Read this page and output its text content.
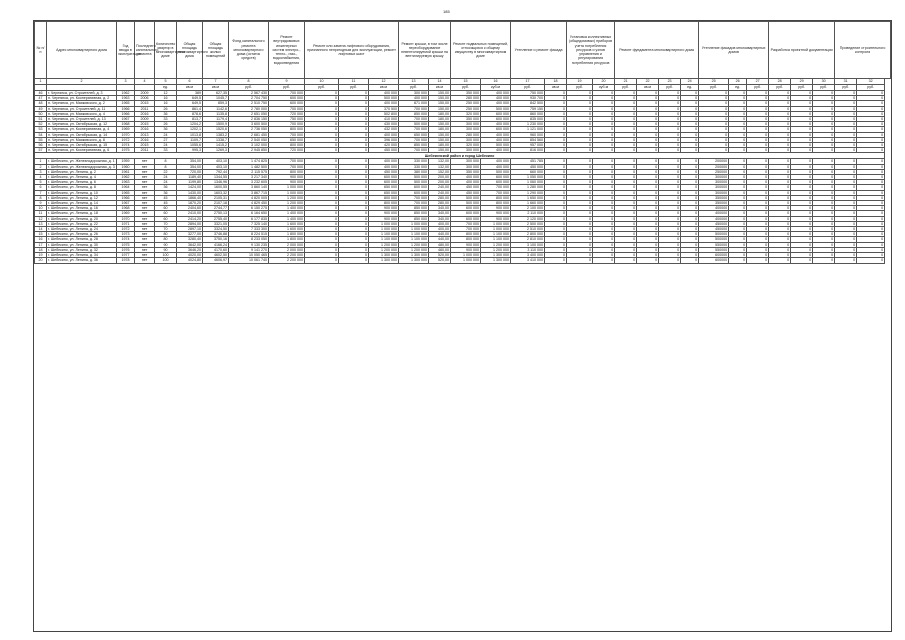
185
№ п/п	Адрес многоквартирного дома	Год ввода в эксплуатацию	Последнего капитального ремонта	Количество квартир в многоквартирном доме	Общая площадь многоквартирного дома	Общая площадь жилых помещений	Фонд капитального ремонта многоквартирного дома (остаток средств)	Ремонт внутридомовых инженерных систем электро-, тепло-, газо-, водоснабжения, водоотведения	Ремонт или замена лифтового оборудования, признанного непригодным для эксплуатации, ремонт лифтовых шахт			Ремонт крыши, в том числе переоборудование невентилируемой крыши на вентилируемую крышу		Ремонт подвальных помещений, относящихся к общему имуществу в многоквартирном доме		Утепление и ремонт фасада		Установка коллективных (общедомовых) приборов учета потребления ресурсов и узлов управления и регулирования потребления ресурсов		Ремонт фундамента многоквартирного дома				Утепление фасадов многоквартирных домов			Разработка проектной документации			Проведение строительного контроля	
1	2	3	4	5	6	7	8	9	10	11	12	13	14	15	16	17	18	19	20	21	22	23	24	25	26	27	28	29	30	31	32
				ед.	кв.м	кв.м	руб.	руб.	руб.	руб.	кв.м	руб.	кв.м	руб.	куб.м	руб.	кв.м	руб.	куб.м	руб.	кв.м	руб.	ед.	руб.	ед.	руб.	руб.	руб.	руб.	руб.	руб.
46	г. Чернянка, ул. Строителей, д. 3	1962	2009	12	389	627,35	2 567 430	700 000	0	0	400 000	300 000	150,00	350 000	400 000	750 000	0	0	0	0	0	0	0	0	0	0	0	0	0	0	0
47	п. Чернянка, ул. Кооперативная, д. 2	1963	2006	16	649,5	1045,7	2 704 750	600 000	0	0	500 000	400 000	150,00	280 000	400 000	930 700	0	0	0	0	0	0	0	0	0	0	0	0	0	0	0
48	п. Чернянка, ул. Маяковского, д. 2	1965	2015	16	649,5	859,3	2 510 750	600 000	0	0	400 000	871 000	150,00	250 000	400 000	842 500	0	0	0	0	0	0	0	0	0	0	0	0	0	0	0
49	п. Чернянка, ул. Строителей, д. 11	1966	2011	26	861,4	1142,6	2 780 000	700 000	0	0	370 500	700 000	150,00	250 000	500 000	759 150	0	0	0	0	0	0	0	0	0	0	0	0	0	0	0
50	п. Чернянка, ул. Маяковского, д. 4	1966	2016	36	878,6	1135,8	2 651 050	720 000	0	0	502 800	850 000	180,00	320 000	600 000	860 000	0	0	0	0	0	0	0	0	0	0	0	0	0	0	0
51	п. Чернянка, ул. Строителей, д. 13	1967	2009	33	813,7	1179,4	2 836 150	750 000	0	0	410 000	700 000	180,00	350 000	600 000	835 000	0	0	0	0	0	0	0	0	0	0	0	0	0	0	0
52	п. Чернянка, ул. Октябрьская, д. 12	1968	2015	26	1204,2	1500,9	3 600 500	700 000	0	0	430 000	500 000	150,00	300 000	400 000	1 230 000	0	0	0	0	0	0	0	0	0	0	0	0	0	0	0
53	п. Чернянка, ул. Кооперативная, д. 4	1969	2016	36	1202,1	1520,6	2 736 050	800 000	0	0	432 000	700 000	180,00	300 000	600 000	1 121 000	0	0	0	0	0	0	0	0	0	0	0	0	0	0	0
54	п. Чернянка, ул. Октябрьская, д. 14	1970	2013	24	1013,8	1383,2	2 681 450	700 000	0	0	400 000	650 000	150,00	280 000	400 000	960 000	0	0	0	0	0	0	0	0	0	0	0	0	0	0	0
55	п. Чернянка, ул. Маяковского, д. 8	1972	2016	27	1109,7	1338,7	2 540 050	650 000	0	0	396 000	700 000	150,00	300 000	400 000	854 560	0	0	0	0	0	0	0	0	0	0	0	0	0	0	0
56	п. Чернянка, ул. Октябрьская, д. 15	1974	2015	24	1055,6	1415,2	3 102 000	800 000	0	0	420 000	850 000	180,00	320 000	500 000	957 000	0	0	0	0	0	0	0	0	0	0	0	0	0	0	0
57	п. Чернянка, ул. Кооперативная, д. 6	1975	2011	33	995,3	1269,3	2 945 850	720 000	0	0	450 000	700 000	150,00	300 000	400 000	816 000	0	0	0	0	0	0	0	0	0	0	0	0	0	0	0
Шебекинский район и город Шебекино																															
1	г. Шебекино, ул. Железнодорожная, д. 1	1959	нет	8	354,00	403,10	1 474 825	700 000	0	0	400 000	330 000	132,00	300 000	400 000	451 785	0	0	0	0	0	0	0	200000	0	0	0	0	0	0	0
2	г. Шебекино, ул. Железнодорожная, д. 3	1960	нет	8	354,00	403,10	1 482 500	700 000	0	0	400 000	330 000	132,00	300 000	400 000	450 000	0	0	0	0	0	0	0	200000	0	0	0	0	0	0	0
3	г. Шебекино, ул. Ленина, д. 2	1961	нет	22	720,00	792,44	2 115 575	800 000	0	0	450 000	380 000	152,00	350 000	500 000	660 000	0	0	0	0	0	0	0	250000	0	0	0	0	0	0	0
4	г. Шебекино, ул. Ленина, д. 4	1962	нет	24	1189,40	1344,55	3 217 340	900 000	0	0	600 000	500 000	200,00	400 000	600 000	1 050 000	0	0	0	0	0	0	0	300000	0	0	0	0	0	0	0
5	г. Шебекино, ул. Ленина, д. 6	1963	нет	24	1199,80	1346,96	3 232 605	900 000	0	0	600 000	500 000	200,00	400 000	600 000	1 060 000	0	0	0	0	0	0	0	300000	0	0	0	0	0	0	0
6	г. Шебекино, ул. Ленина, д. 8	1964	нет	36	1424,00	1600,55	3 860 140	1 000 000	0	0	650 000	600 000	240,00	450 000	700 000	1 280 000	0	0	0	0	0	0	0	300000	0	0	0	0	0	0	0
7	г. Шебекино, ул. Ленина, д. 10	1965	нет	36	1430,00	1603,32	3 867 715	1 000 000	0	0	650 000	600 000	240,00	450 000	700 000	1 290 000	0	0	0	0	0	0	0	300000	0	0	0	0	0	0	0
8	г. Шебекино, ул. Ленина, д. 12	1966	нет	45	1866,40	2105,31	4 820 005	1 200 000	0	0	800 000	700 000	280,00	500 000	800 000	1 650 000	0	0	0	0	0	0	0	350000	0	0	0	0	0	0	0
9	г. Шебекино, ул. Ленина, д. 14	1967	нет	45	1870,20	2107,18	4 829 450	1 200 000	0	0	800 000	700 000	280,00	500 000	800 000	1 660 000	0	0	0	0	0	0	0	350000	0	0	0	0	0	0	0
10	г. Шебекино, ул. Ленина, д. 16	1968	нет	60	2404,60	2744,77	6 150 275	1 400 000	0	0	900 000	850 000	340,00	600 000	900 000	2 100 000	0	0	0	0	0	0	0	400000	0	0	0	0	0	0	0
11	г. Шебекино, ул. Ленина, д. 18	1969	нет	60	2410,00	2750,13	6 164 650	1 400 000	0	0	900 000	850 000	340,00	600 000	900 000	2 110 000	0	0	0	0	0	0	0	400000	0	0	0	0	0	0	0
12	г. Шебекино, ул. Ленина, д. 20	1970	нет	60	2414,20	2755,40	6 177 835	1 400 000	0	0	900 000	850 000	340,00	600 000	900 000	2 120 000	0	0	0	0	0	0	0	400000	0	0	0	0	0	0	0
13	г. Шебекино, ул. Ленина, д. 22	1971	нет	70	2894,00	3321,05	7 325 140	1 600 000	0	0	1 000 000	1 000 000	400,00	700 000	1 000 000	2 500 000	0	0	0	0	0	0	0	450000	0	0	0	0	0	0	0
14	г. Шебекино, ул. Ленина, д. 24	1972	нет	70	2897,10	3324,50	7 333 300	1 600 000	0	0	1 000 000	1 000 000	400,00	700 000	1 000 000	2 510 000	0	0	0	0	0	0	0	450000	0	0	0	0	0	0	0
15	г. Шебекино, ул. Ленина, д. 26	1973	нет	80	3277,00	3746,88	8 224 515	1 800 000	0	0	1 100 000	1 100 000	440,00	800 000	1 100 000	2 800 000	0	0	0	0	0	0	0	500000	0	0	0	0	0	0	0
16	г. Шебекино, ул. Ленина, д. 28	1974	нет	80	3280,40	3750,16	8 233 050	1 800 000	0	0	1 100 000	1 100 000	440,00	800 000	1 100 000	2 810 000	0	0	0	0	0	0	0	500000	0	0	0	0	0	0	0
17	г. Шебекино, ул. Ленина, д. 30	1975	нет	90	3642,00	4166,24	9 130 235	2 000 000	0	0	1 200 000	1 200 000	480,00	900 000	1 200 000	3 100 000	0	0	0	0	0	0	0	550000	0	0	0	0	0	0	0
18	г. Шебекино, ул. Ленина, д. 32	1976	нет	90	3646,20	4170,60	9 141 270	2 000 000	0	0	1 200 000	1 200 000	480,00	900 000	1 200 000	3 110 000	0	0	0	0	0	0	0	550000	0	0	0	0	0	0	0
19	г. Шебекино, ул. Ленина, д. 34	1977	нет	100	4020,00	4602,50	10 050 465	2 200 000	0	0	1 300 000	1 300 000	520,00	1 000 000	1 300 000	3 400 000	0	0	0	0	0	0	0	600000	0	0	0	0	0	0	0
20	г. Шебекино, ул. Ленина, д. 36	1978	нет	100	4024,80	4606,97	10 061 740	2 200 000	0	0	1 300 000	1 300 000	520,00	1 000 000	1 300 000	3 410 000	0	0	0	0	0	0	0	600000	0	0	0	0	0	0	0
